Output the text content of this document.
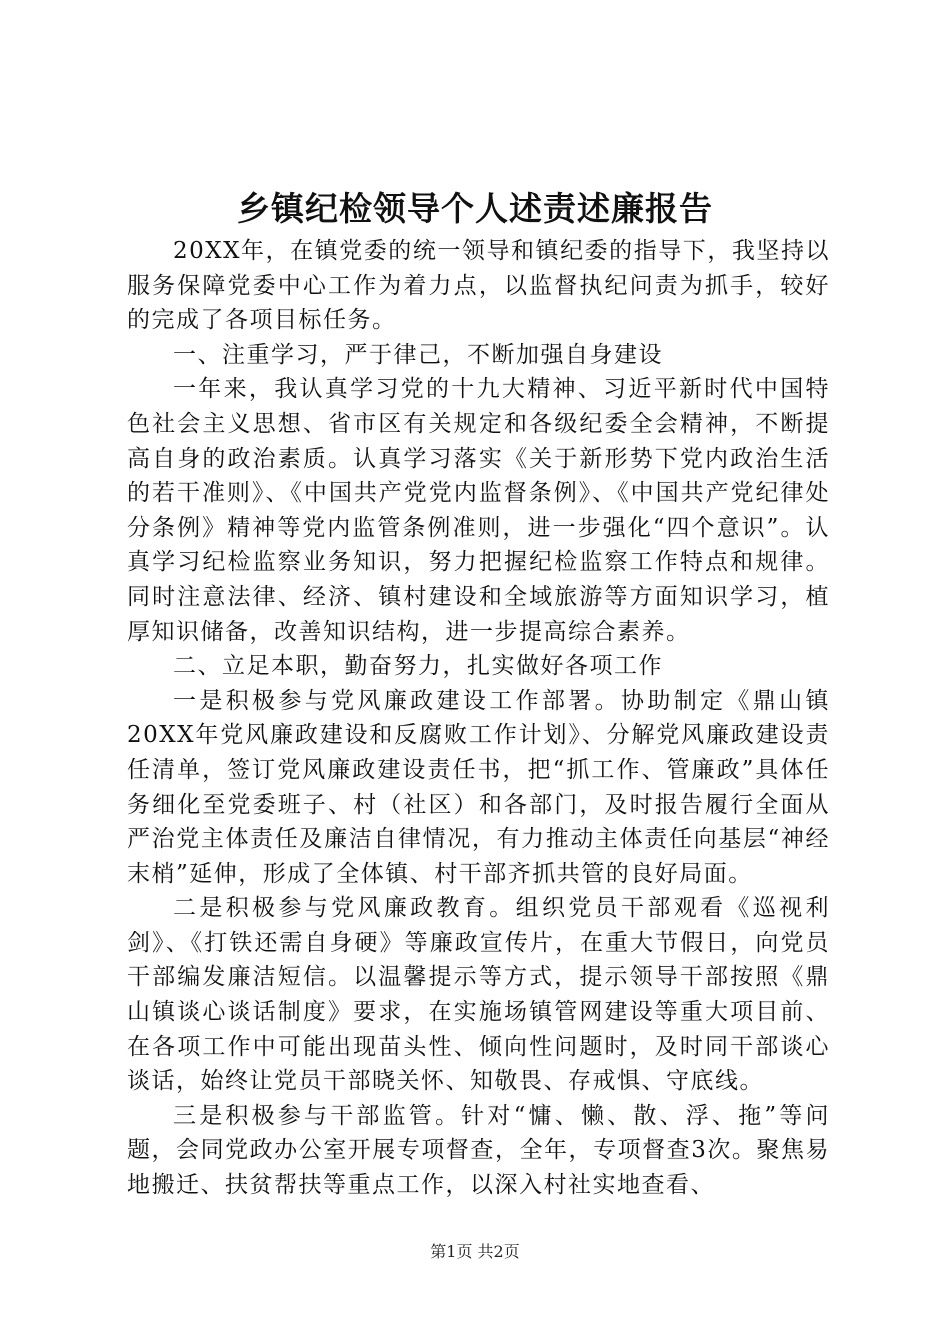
乡镇纪检领导个人述责述廉报告

20XX年，在镇党委的统一领导和镇纪委的指导下，我坚持以服务保障党委中心工作为着力点，以监督执纪问责为抓手，较好的完成了各项目标任务。

一、注重学习，严于律己，不断加强自身建设

一年来，我认真学习党的十九大精神、习近平新时代中国特色社会主义思想、省市区有关规定和各级纪委全会精神，不断提高自身的政治素质。认真学习落实《关于新形势下党内政治生活的若干准则》、《中国共产党党内监督条例》、《中国共产党纪律处分条例》精神等党内监管条例准则，进一步强化“四个意识”。认真学习纪检监察业务知识，努力把握纪检监察工作特点和规律。同时注意法律、经济、镇村建设和全域旅游等方面知识学习，植厚知识储备，改善知识结构，进一步提高综合素养。

二、立足本职，勤奋努力，扎实做好各项工作

一是积极参与党风廉政建设工作部署。协助制定《鼎山镇20XX年党风廉政建设和反腐败工作计划》、分解党风廉政建设责任清单，签订党风廉政建设责任书，把“抓工作、管廉政”具体任务细化至党委班子、村（社区）和各部门，及时报告履行全面从严治党主体责任及廉洁自律情况，有力推动主体责任向基层“神经末梢”延伸，形成了全体镇、村干部齐抓共管的良好局面。

二是积极参与党风廉政教育。组织党员干部观看《巡视利剑》、《打铁还需自身硬》等廉政宣传片，在重大节假日，向党员干部编发廉洁短信。以温馨提示等方式，提示领导干部按照《鼎山镇谈心谈话制度》要求，在实施场镇管网建设等重大项目前、在各项工作中可能出现苗头性、倾向性问题时，及时同干部谈心谈话，始终让党员干部晓关怀、知敬畏、存戒惧、守底线。

三是积极参与干部监管。针对“慵、懒、散、浮、拖”等问题，会同党政办公室开展专项督查，全年，专项督查3次。聚焦易地搬迁、扶贫帮扶等重点工作，以深入村社实地查看、

第1页 共2页
